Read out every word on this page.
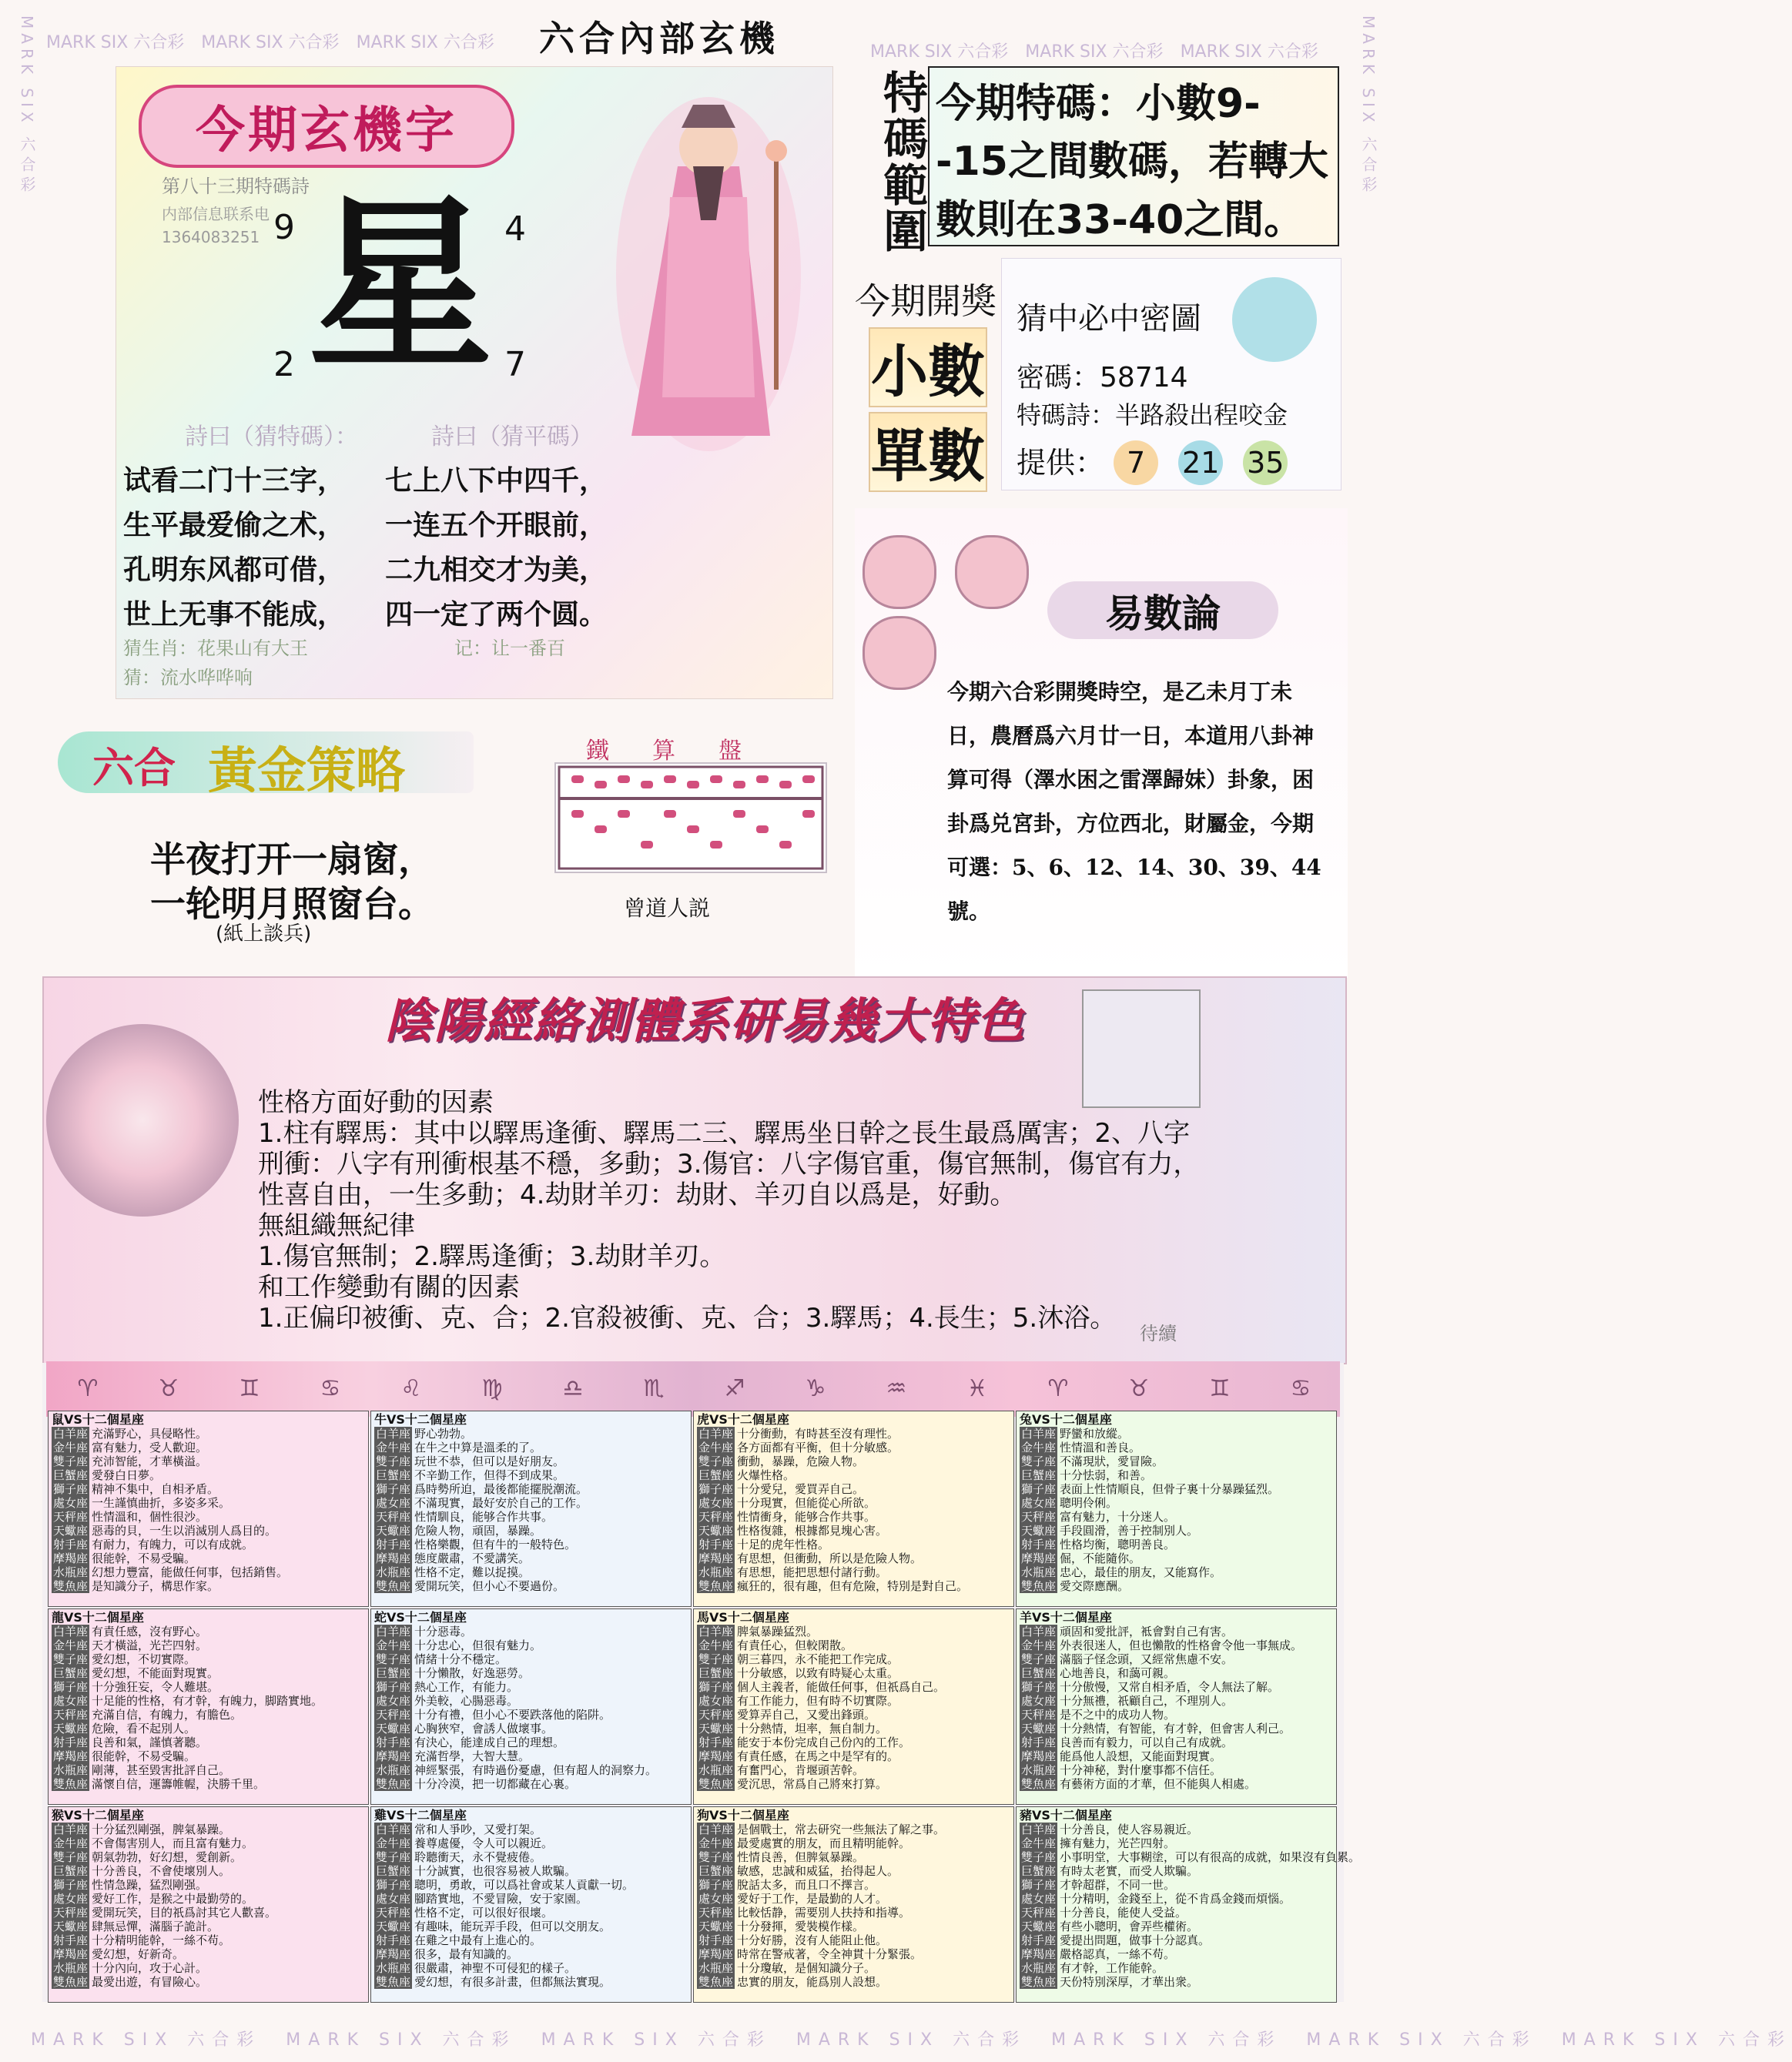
MARK SIX 六合彩	MARK SIX 六合彩
MARK SIX 六合彩　 MARK SIX 六合彩　 MARK SIX 六合彩　 MARK SIX 六合彩　 MARK SIX 六合彩　 MARK SIX 六合彩　 MARK SIX 六合彩
MARK SIX 六合彩　 MARK SIX 六合彩　 MARK SIX 六合彩	MARK SIX 六合彩　 MARK SIX 六合彩　 MARK SIX 六合彩
六合內部玄機
今期玄機字
第八十三期特碼詩
内部信息联系电
1364083251 9	4
2	7
星
詩曰（猜特碼）：	詩曰（猜平碼）
试看二门十三字，	七上八下中四千，
生平最爱偷之术，	一连五个开眼前，
孔明东风都可借，	二九相交才为美，
世上无事不能成，	四一定了两个圆。
猜生肖：花果山有大王
猜：流水哗哗响
记：让一番百
特碼範圍 今期特碼：小數9--15之間數碼，若轉大數則在33-40之間。
今期開獎
小數
單數
猜中必中密圖
密碼：58714
特碼詩：半路殺出程咬金
提供： 7 21 35
六合 黃金策略
半夜打开一扇窗，
一轮明月照窗台。
(紙上談兵)
鐵算盤
曾道人説
易數論
今期六合彩開獎時空，是乙未月丁未日，農曆爲六月廿一日，本道用八卦神算可得（澤水困之雷澤歸妹）卦象，困卦爲兑宮卦，方位西北，財屬金，今期可選：5、6、12、14、30、39、44號。
陰陽經絡測體系研易幾大特色
性格方面好動的因素
1.柱有驛馬：其中以驛馬逢衝、驛馬二三、驛馬坐日幹之長生最爲厲害；2、八字
刑衝：八字有刑衝根基不穩，多動；3.傷官：八字傷官重，傷官無制，傷官有力，
性喜自由，一生多動；4.劫財羊刃：劫財、羊刃自以爲是，好動。
無組織無紀律
1.傷官無制；2.驛馬逢衝；3.劫財羊刃。
和工作變動有關的因素
1.正偏印被衝、克、合；2.官殺被衝、克、合；3.驛馬；4.長生；5.沐浴。	待續
♈	♉	♊	♋	♌	♍	♎	♏	♐	♑	♒	♓	♈	♉	♊	♋
鼠VS十二個星座
白羊座 充滿野心，具侵略性。
金牛座 富有魅力，受人歡迎。
雙子座 充沛智能，才華橫溢。
巨蟹座 愛發白日夢。
獅子座 精神不集中，自相矛盾。
處女座 一生謹慎曲折，多姿多采。
天秤座 性情溫和，個性很沙。
天蠍座 惡毒的貝，一生以消滅別人爲目的。
射手座 有耐力，有魄力，可以有成就。
摩羯座 很能幹，不易受騙。
水瓶座 幻想力豐富，能做任何事，包括銷售。
雙魚座 是知識分子，構思作家。
牛VS十二個星座
白羊座 野心勃勃。
金牛座 在牛之中算是溫柔的了。
雙子座 玩世不恭，但可以是好朋友。
巨蟹座 不辛勤工作，但得不到成果。
獅子座 爲時勢所迫，最後都能擺脱潮流。
處女座 不滿現實，最好安於自己的工作。
天秤座 性情馴良，能够合作共事。
天蠍座 危險人物，頑固，暴躁。
射手座 性格樂觀，但有牛的一般特色。
摩羯座 態度嚴肅，不愛講笑。
水瓶座 性格不定，難以捉摸。
雙魚座 愛開玩笑，但小心不要過份。
虎VS十二個星座
白羊座 十分衝動，有時甚至沒有理性。
金牛座 各方面都有平衡，但十分敏感。
雙子座 衝動，暴躁，危險人物。
巨蟹座 火爆性格。
獅子座 十分愛兒，愛買弄自己。
處女座 十分現實，但能從心所欲。
天秤座 性情衝身，能够合作共事。
天蠍座 性格復雜，根據都見塊心害。
射手座 十足的虎年性格。
摩羯座 有思想，但衝動，所以是危險人物。
水瓶座 有思想，能把思想付諸行動。
雙魚座 瘋狂的，很有趣，但有危險，特別是對自己。
兔VS十二個星座
白羊座 野蠻和放縱。
金牛座 性情溫和善良。
雙子座 不滿現狀，愛冒險。
巨蟹座 十分怯弱，和善。
獅子座 表面上性情順良，但骨子裏十分暴躁猛烈。
處女座 聰明伶俐。
天秤座 富有魅力，十分迷人。
天蠍座 手段圓滑，善于控制別人。
射手座 性格均衡，聰明善良。
摩羯座 倔，不能隨你。
水瓶座 忠心，最佳的朋友，又能寫作。
雙魚座 愛交際應酬。
龍VS十二個星座
白羊座 有責任感，沒有野心。
金牛座 天才橫溢，光芒四射。
雙子座 愛幻想，不切實際。
巨蟹座 愛幻想，不能面對現實。
獅子座 十分強狂妄，令人難堪。
處女座 十足能的性格，有才幹，有魄力，脚踏實地。
天秤座 充滿自信，有魄力，有膽色。
天蠍座 危險，看不起別人。
射手座 良善和氣，謹慎著聽。
摩羯座 很能幹，不易受騙。
水瓶座 剛薄，甚至毀害批評自己。
雙魚座 滿懷自信，運籌帷幄，決勝千里。
蛇VS十二個星座
白羊座 十分惡毒。
金牛座 十分忠心，但很有魅力。
雙子座 情緒十分不穩定。
巨蟹座 十分懶散，好逸惡勞。
獅子座 熱心工作，有能力。
處女座 外美較，心腸惡毒。
天秤座 十分有禮，但小心不要跌落他的陷阱。
天蠍座 心胸狹窄，會誘人做壞事。
射手座 有決心，能達成自己的理想。
摩羯座 充滿哲學，大智大慧。
水瓶座 神經緊張，有時過份憂慮，但有超人的洞察力。
雙魚座 十分冷漠，把一切都藏在心裏。
馬VS十二個星座
白羊座 脾氣暴躁猛烈。
金牛座 有責任心，但較閑散。
雙子座 朝三暮四，永不能把工作完成。
巨蟹座 十分敏感，以致有時疑心太重。
獅子座 個人主義者，能做任何事，但祇爲自己。
處女座 有工作能力，但有時不切實際。
天秤座 愛算弄自己，又愛出鋒頭。
天蠍座 十分熱情，坦率，無自制力。
射手座 能安于本份完成自己份內的工作。
摩羯座 有責任感，在馬之中是罕有的。
水瓶座 有奮門心，肯堰頭苦幹。
雙魚座 愛沉思，常爲自己將來打算。
羊VS十二個星座
白羊座 頑固和愛批評，袛會對自己有害。
金牛座 外表很迷人，但也懶散的性格會令他一事無成。
雙子座 滿腦子怪念頭，又經常焦慮不安。
巨蟹座 心地善良，和藹可親。
獅子座 十分傲慢，又常自相矛盾，令人無法了解。
處女座 十分無禮，祇顧自己，不理別人。
天秤座 是不之中的成功人物。
天蠍座 十分熱情，有智能，有才幹，但會害人利己。
射手座 良善而有毅力，可以自己有成就。
摩羯座 能爲他人設想，又能面對現實。
水瓶座 十分神秘，對什麼事都不信任。
雙魚座 有藝術方面的才華，但不能與人相處。
猴VS十二個星座
白羊座 十分猛烈剛强，脾氣暴躁。
金牛座 不會傷害別人，而且富有魅力。
雙子座 朝氣勃勃，好幻想，愛創新。
巨蟹座 十分善良，不會使壞別人。
獅子座 性情急躁，猛烈剛强。
處女座 愛好工作，是猴之中最勤勞的。
天秤座 愛開玩笑，目的祇爲討其它人歡喜。
天蠍座 肆無忌憚，滿腦子詭計。
射手座 十分精明能幹，一絲不苟。
摩羯座 愛幻想，好新奇。
水瓶座 十分內向，攻于心計。
雙魚座 最愛出遊，有冒險心。
雞VS十二個星座
白羊座 常和人爭吵，又愛打架。
金牛座 養尊處優，令人可以親近。
雙子座 聆聽衝天，永不覺疲倦。
巨蟹座 十分誠實，也很容易被人欺騙。
獅子座 聰明，勇敢，可以爲社會或某人貢獻一切。
處女座 腳踏實地，不愛冒險，安于家園。
天秤座 性格不定，可以很好很壞。
天蠍座 有趣味，能玩弄手段，但可以交朋友。
射手座 在雞之中最有上進心的。
摩羯座 很多，最有知識的。
水瓶座 很嚴肅，神聖不可侵犯的樣子。
雙魚座 愛幻想，有很多計畫，但都無法實現。
狗VS十二個星座
白羊座 是個戰士，常去研究一些無法了解之事。
金牛座 最愛處實的朋友，而且精明能幹。
雙子座 性情良善，但脾氣暴躁。
巨蟹座 敏感，忠誠和威猛，抬得起人。
獅子座 脫話太多，而且口不擇言。
處女座 愛好于工作，是最勤的人才。
天秤座 比較恬静，需要別人扶持和指導。
天蠍座 十分發揮，愛裝模作樣。
射手座 十分好勝，沒有人能阻止他。
摩羯座 時常在警戒著，令全神貫十分緊張。
水瓶座 十分瓊敏，是個知識分子。
雙魚座 忠實的朋友，能爲別人設想。
豬VS十二個星座
白羊座 十分善良，使人容易親近。
金牛座 擁有魅力，光芒四射。
雙子座 小事明堂，大事糊塗，可以有很高的成就，如果沒有負累。
巨蟹座 有時太老實，而受人欺騙。
獅子座 才幹超群，不同一世。
處女座 十分精明，金錢至上，從不肯爲金錢而煩惱。
天秤座 十分善良，能使人受益。
天蠍座 有些小聰明，會弄些權術。
射手座 愛提出問題，做事十分認真。
摩羯座 嚴格認真，一絲不苟。
水瓶座 有才幹，工作能幹。
雙魚座 天份特別深厚，才華出衆。
